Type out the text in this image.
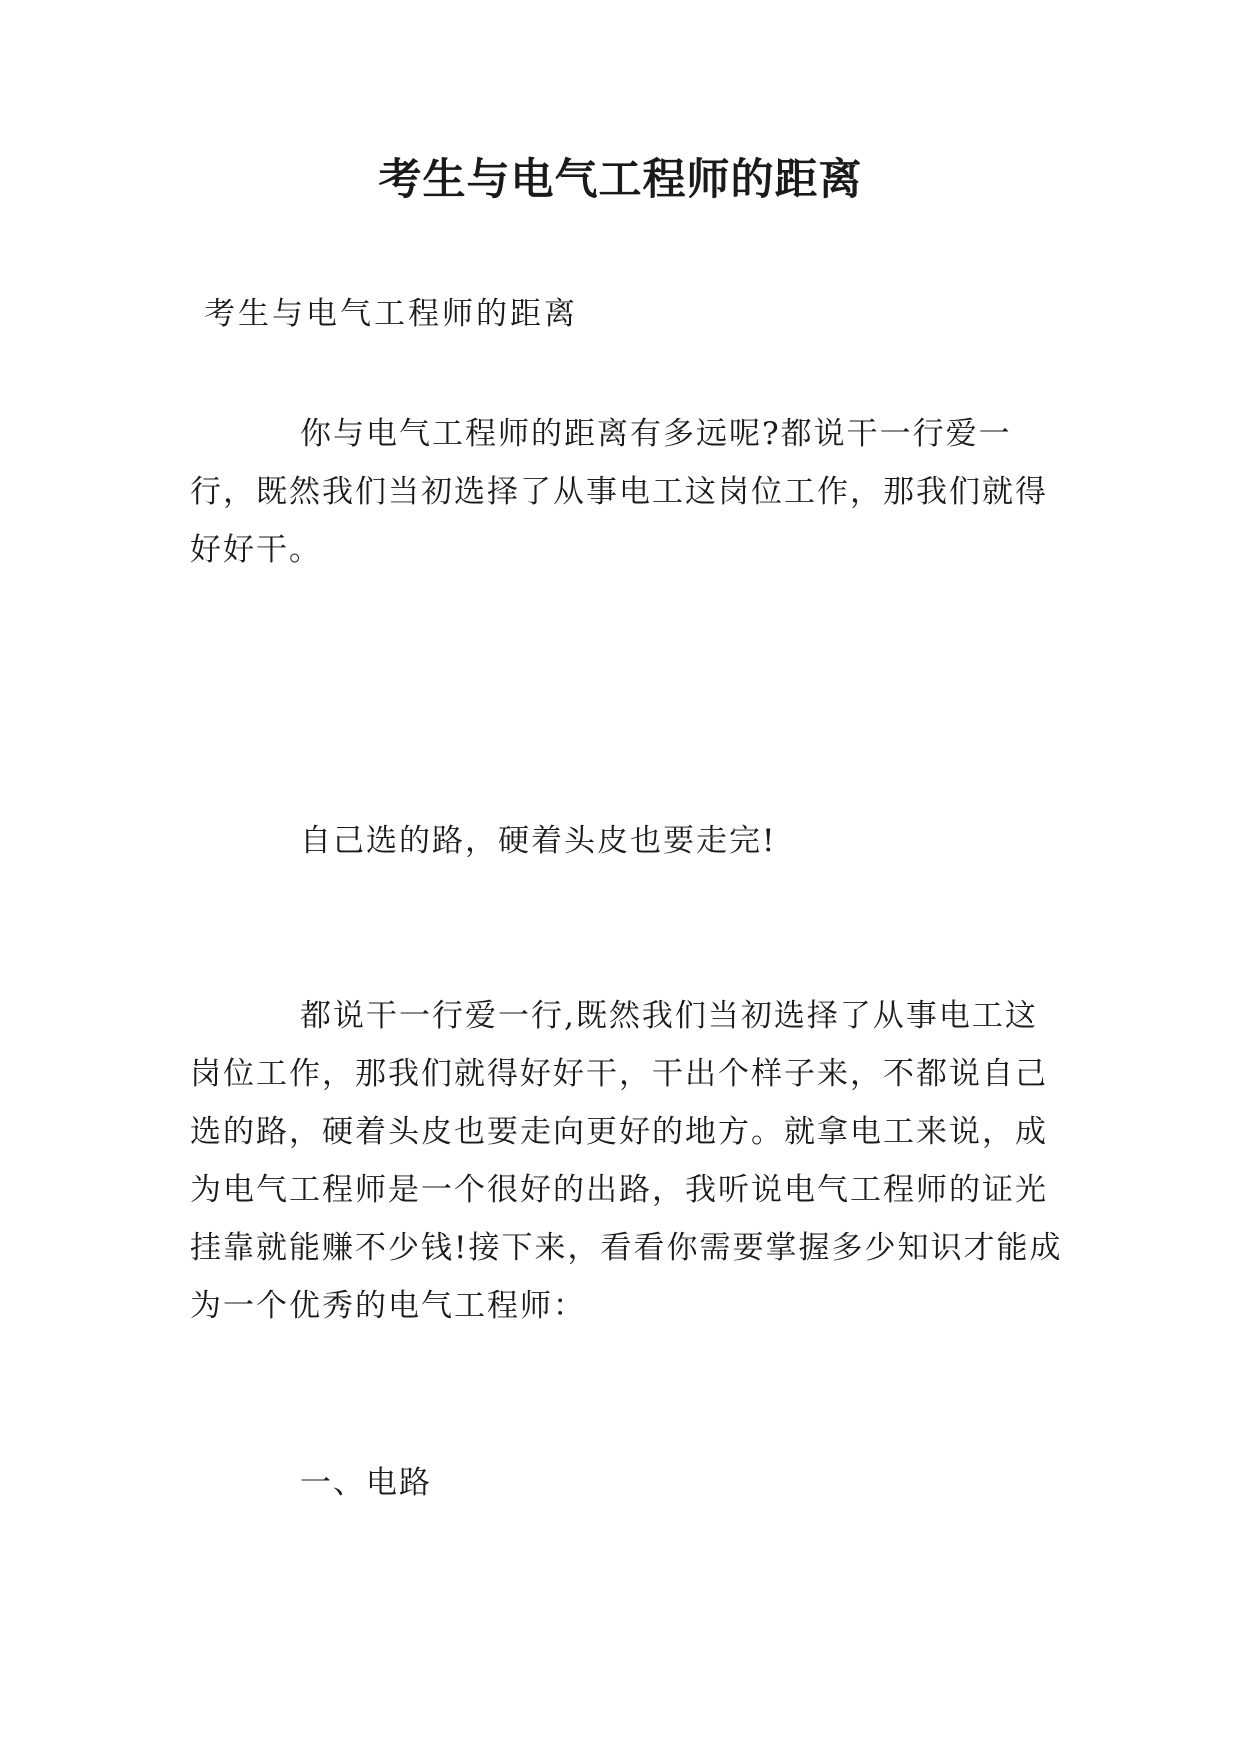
考生与电气工程师的距离

考生与电气工程师的距离

你与电气工程师的距离有多远呢?都说干一行爱一行，既然我们当初选择了从事电工这岗位工作，那我们就得好好干。

自己选的路，硬着头皮也要走完!

都说干一行爱一行,既然我们当初选择了从事电工这岗位工作，那我们就得好好干，干出个样子来，不都说自己选的路，硬着头皮也要走向更好的地方。就拿电工来说，成为电气工程师是一个很好的出路，我听说电气工程师的证光挂靠就能赚不少钱!接下来，看看你需要掌握多少知识才能成为一个优秀的电气工程师：

一、电路
